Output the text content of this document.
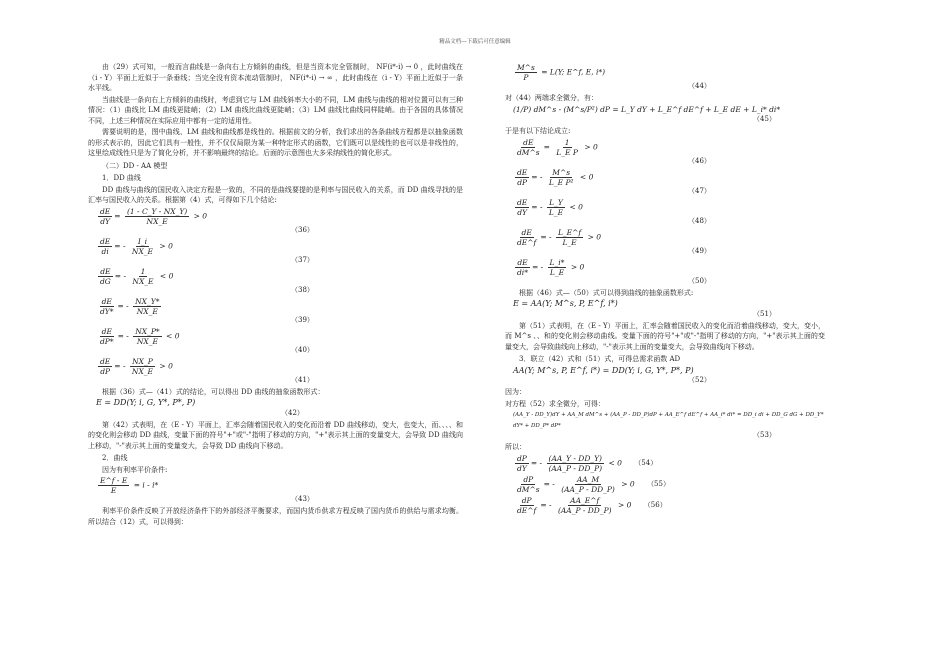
精品文档---下载后可任意编辑

由（29）式可知，一般而言曲线是一条向右上方倾斜的曲线，但是当资本完全管制时， NF(i*-i) → 0 ，此时曲线在（i - Y）平面上近似于一条垂线；当完全没有资本流动管制时， NF(i*-i) → ∞ ，此时曲线在（i - Y）平面上近似于一条水平线。

当曲线是一条向右上方倾斜的曲线时，考虑到它与 LM 曲线斜率大小的不同，LM 曲线与曲线的相对位置可以有三种情况：（1）曲线比 LM 曲线更陡峭；（2）LM 曲线比曲线更陡峭；（3）LM 曲线比曲线同样陡峭。由于各国的具体情况不同，上述三种情况在实际应用中都有一定的适用性。

需要说明的是，图中曲线、LM 曲线和曲线都是线性的。根据前文的分析，我们求出的各条曲线方程都是以抽象函数的形式表示的，因此它们具有一般性，并不仅仅局限为某一种特定形式的函数，它们既可以是线性的也可以是非线性的，这里绘成线性只是为了简化分析，并不影响最终的结论。后面的示意图也大多采纳线性的简化形式。

（二）DD - AA 模型
1．DD 曲线

DD 曲线与曲线的国民收入决定方程是一致的，不同的是曲线要提的是利率与国民收入的关系，而 DD 曲线寻找的是汇率与国民收入的关系。根据第（4）式，可得如下几个结论:

$\frac{dE}{dY} = \frac{(1 - C\_Y - NX\_Y)}{NX\_E} > 0$
（36）
$\frac{dE}{di}$ = - $\frac{I\_i}{NX\_E} > 0$
（37）
$\frac{dE}{dG}$ = - $\frac{1}{NX\_E} < 0$
（38）
$\frac{dE}{dY*}$ = - $\frac{NX\_Y*}{NX\_E}$
（39）
$\frac{dE}{dP*}$ = - $\frac{NX\_P*}{NX\_E} < 0$
（40）
$\frac{dE}{dP}$ = - $\frac{NX\_P}{NX\_E} > 0$
（41）

根据（36）式—（41）式的结论，可以得出 DD 曲线的抽象函数形式：

E = DD(Y; i, G, Y*, P*, P)
（42）

第（42）式表明，在（E - Y）平面上，汇率会随着国民收入的变化而沿着 DD 曲线移动，变大，也变大，而、、、、和的变化则会移动 DD 曲线，变量下面的符号"+"或"-"指明了移动的方向，"+"表示其上面的变量变大，会导致 DD 曲线向上移动，"-"表示其上面的变量变大，会导致 DD 曲线向下移动。

2．曲线

因为有利率平价条件:

$\frac{E\^{}f - E}{E} = i - i*$
（43）

利率平价条件反映了开放经济条件下的外部经济平衡要求，而国内货币供求方程反映了国内货币的供给与需求均衡。所以结合（12）式，可以得到：

$\frac{M\^{}s}{P} = L(Y$; E^f, E, i*)
（44）

对（44）两端求全微分，有：

(1/P) dM^s - (M^s/P²) dP = L_Y dY + L_E^f dE^f + L_E dE + L_i* di*
（45）

于是有以下结论成立:

$\frac{dE}{dM\^{}s} = \frac{1}{\text{L\_E P}} > 0$
（46）
$\frac{dE}{dP}$ = - $\frac{M\^{}s}{\text{L\_E P²}} < 0$
（47）
$\frac{dE}{dY}$ = - $\frac{L\_Y}{L\_E} < 0$
（48）
$\frac{dE}{dE\^{}f}$ = - $\frac{L\_E\^{}f}{L\_E} > 0$
（49）
$\frac{dE}{di*}$ = - $\frac{L\_i*}{L\_E} > 0$
（50）

根据（46）式—（50）式可以得到曲线的抽象函数形式:

E = AA(Y; M^s, P, E^f, i*)
（51）

第（51）式表明，在（E - Y）平面上，汇率会随着国民收入的变化而沿着曲线移动，变大，变小，而 M^s 、、和的变化则会移动曲线。变量下面的符号"+"或"-"指明了移动的方向，"+"表示其上面的变量变大，会导致曲线向上移动，"-"表示其上面的变量变大，会导致曲线向下移动。

3．联立（42）式和（51）式，可得总需求函数 AD
AA(Y; M^s, P, E^f, i*) = DD(Y; i, G, Y*, P*, P)
（52）

因为：

对方程（52）求全微分，可得：

(AA_Y - DD_Y)dY + AA_M dM^s + (AA_P - DD_P)dP + AA_E^f dE^f + AA_i* di* = DD_i di + DD_G dG + DD_Y* dY* + DD_P* dP*
（53）

所以：

$\frac{dP}{dY}$ = - $\frac{(AA\_Y - DD\_Y)}{(AA\_P - DD\_P)} < 0$ （54）
$\frac{dP}{dM\^{}s}$ = - $\frac{AA\_M}{(AA\_P - DD\_P)} > 0$ （55）
$\frac{dP}{dE\^{}f}$ = - $\frac{AA\_E\^{}f}{(AA\_P - DD\_P)} > 0$ （56）
